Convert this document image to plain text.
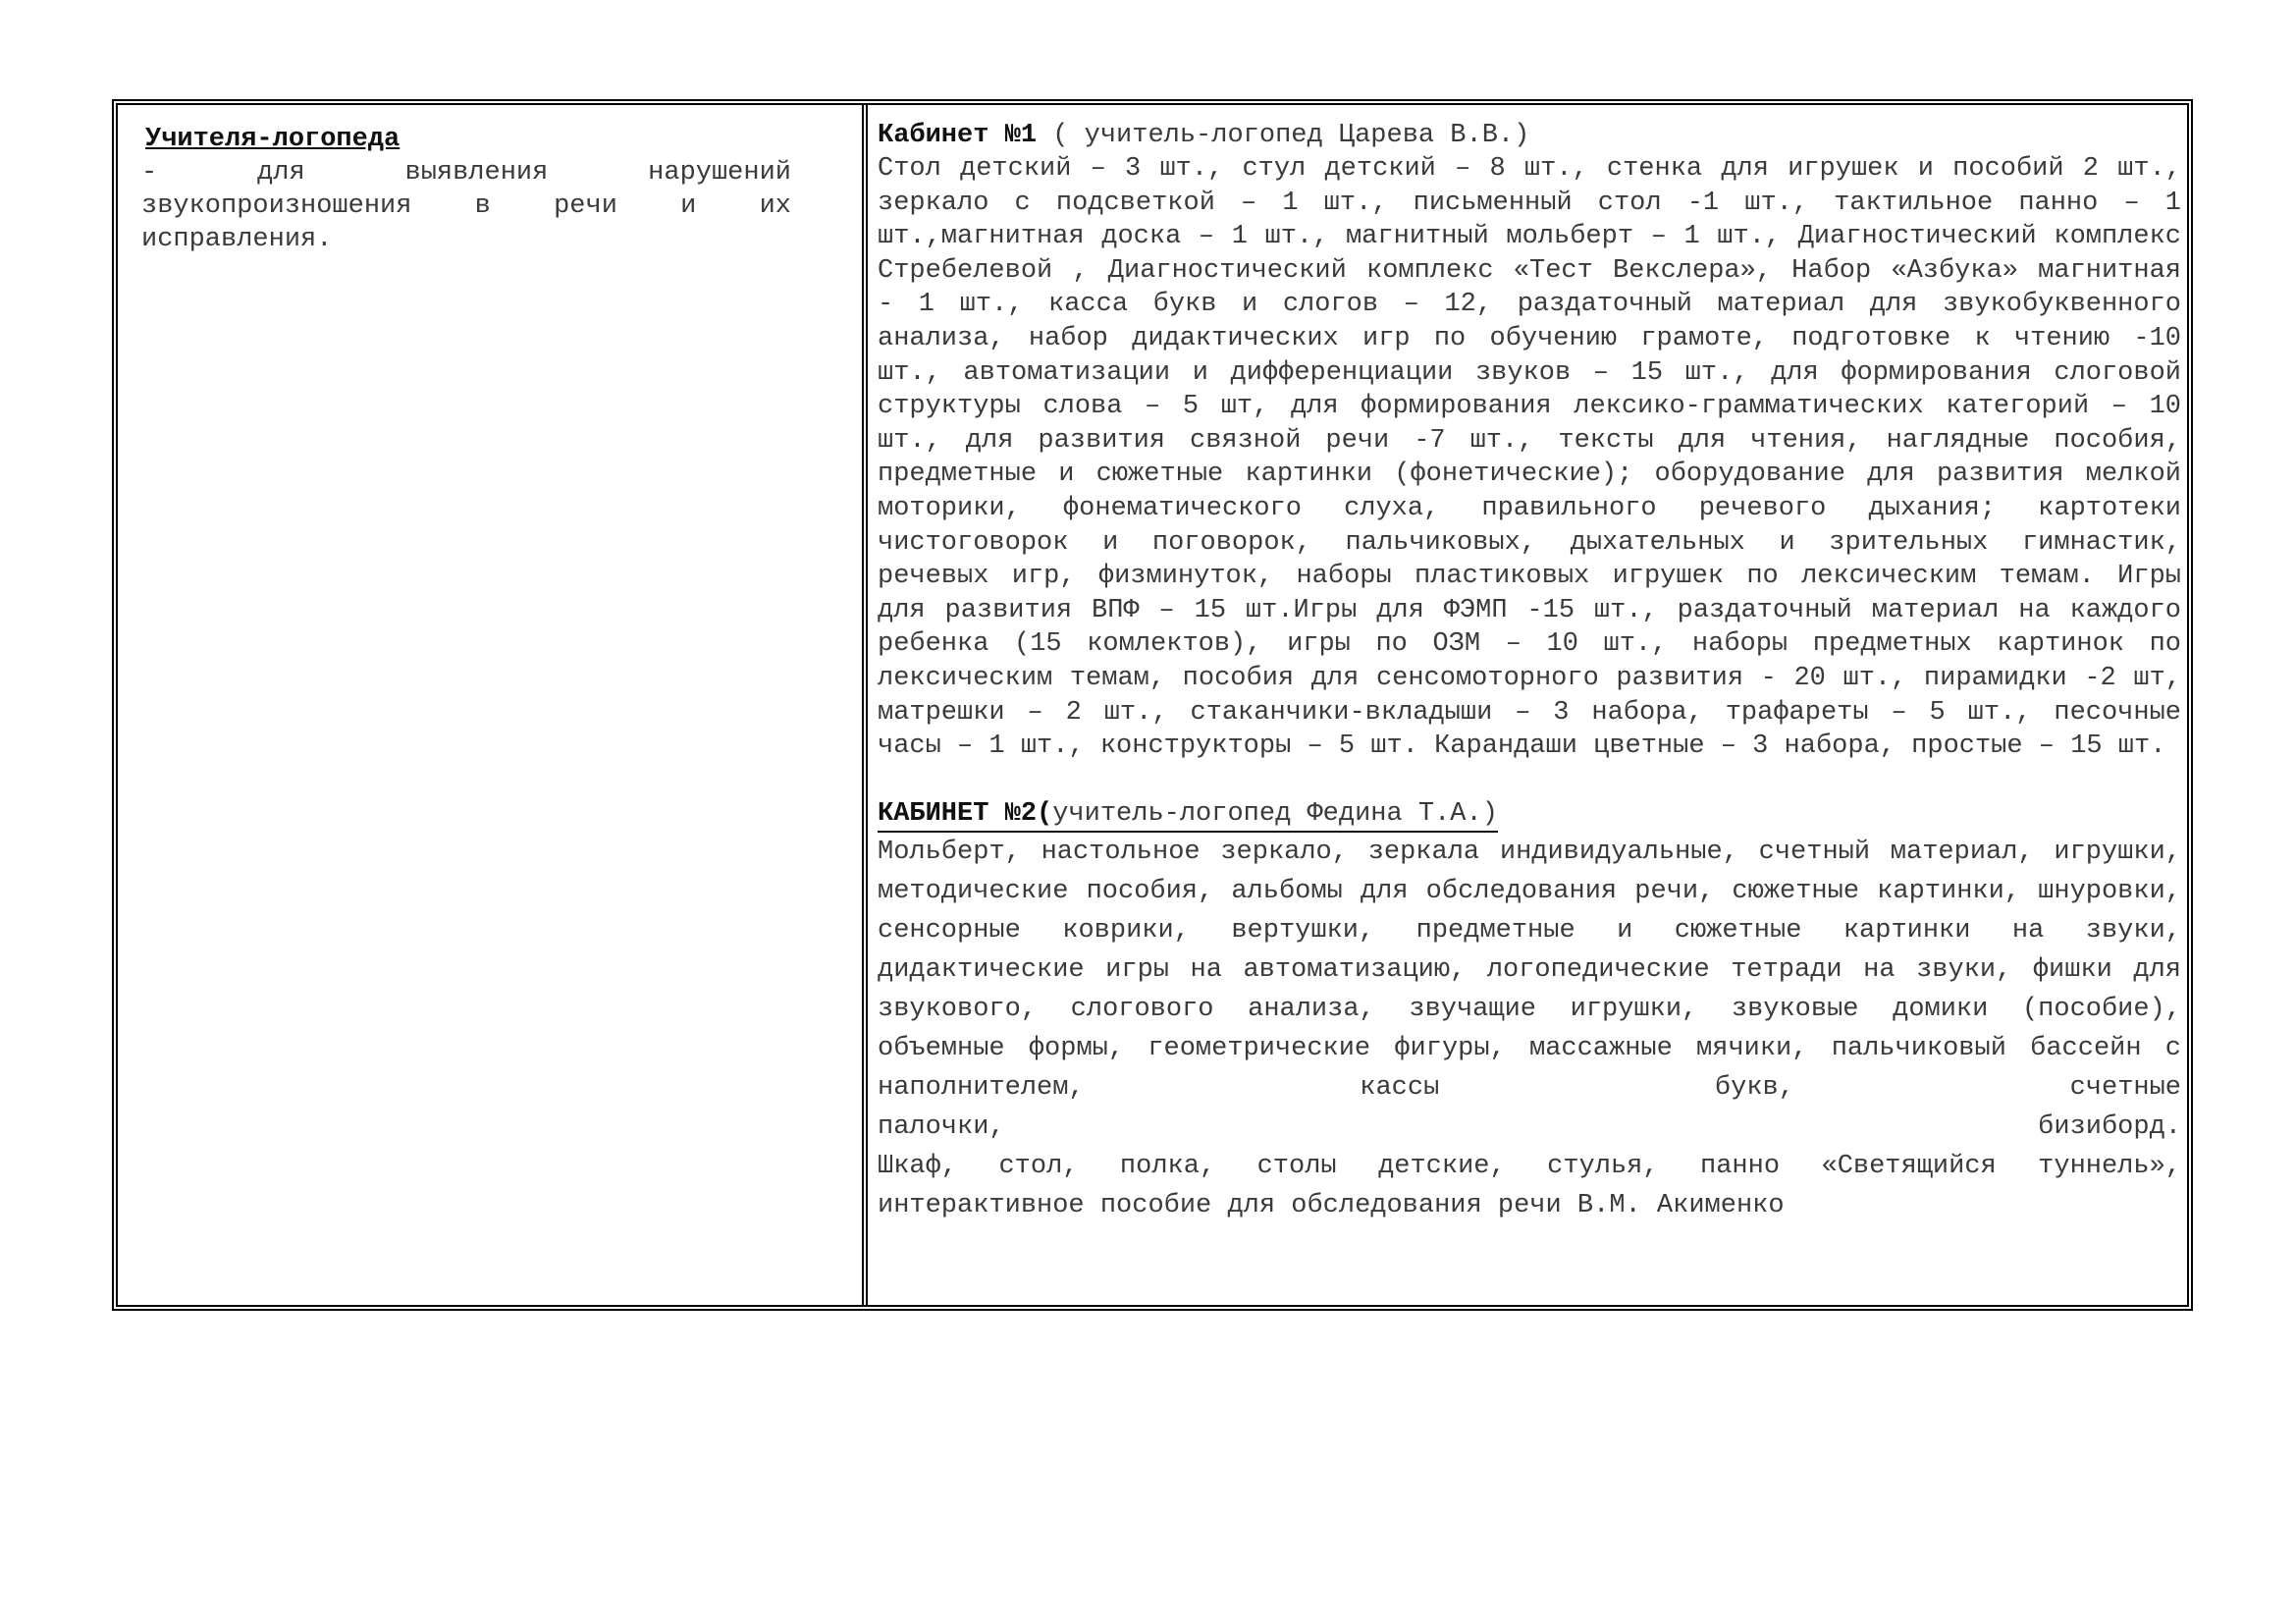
Учителя-логопеда

- для выявления нарушений звукопроизношения в речи и их исправления.

Кабинет №1 ( учитель-логопед Царева В.В.)

Стол детский – 3 шт., стул детский – 8 шт., стенка для игрушек и пособий 2 шт., зеркало с подсветкой – 1 шт., письменный стол -1 шт., тактильное панно – 1 шт.,магнитная доска – 1 шт., магнитный мольберт – 1 шт., Диагностический комплекс Стребелевой , Диагностический комплекс «Тест Векслера», Набор «Азбука» магнитная - 1 шт., касса букв и слогов – 12, раздаточный материал для звукобуквенного анализа, набор дидактических игр по обучению грамоте, подготовке к чтению -10 шт., автоматизации и дифференциации звуков – 15 шт., для формирования слоговой структуры слова – 5 шт, для формирования лексико-грамматических категорий – 10 шт., для развития связной речи -7 шт., тексты для чтения, наглядные пособия, предметные и сюжетные картинки (фонетические); оборудование для развития мелкой моторики, фонематического слуха, правильного речевого дыхания; картотеки чистоговорок и поговорок, пальчиковых, дыхательных и зрительных гимнастик, речевых игр, физминуток, наборы пластиковых игрушек по лексическим темам. Игры для развития ВПФ – 15 шт.Игры для ФЭМП -15 шт., раздаточный материал на каждого ребенка (15 комлектов), игры по ОЗМ – 10 шт., наборы предметных картинок по лексическим темам, пособия для сенсомоторного развития - 20 шт., пирамидки -2 шт, матрешки – 2 шт., стаканчики-вкладыши – 3 набора, трафареты – 5 шт., песочные часы – 1 шт., конструкторы – 5 шт. Карандаши цветные – 3 набора, простые – 15 шт.

КАБИНЕТ №2(учитель-логопед Федина Т.А.)
Мольберт, настольное зеркало, зеркала индивидуальные, счетный материал, игрушки, методические пособия, альбомы для обследования речи, сюжетные картинки, шнуровки, сенсорные коврики, вертушки, предметные и сюжетные картинки на звуки, дидактические игры на автоматизацию, логопедические тетради на звуки, фишки для звукового, слогового анализа, звучащие игрушки, звуковые домики (пособие), объемные формы, геометрические фигуры, массажные мячики, пальчиковый бассейн с наполнителем, кассы букв, счетные
палочки,	бизиборд.
Шкаф, стол, полка, столы детские, стулья, панно «Светящийся туннель», интерактивное пособие для обследования речи В.М. Акименко
